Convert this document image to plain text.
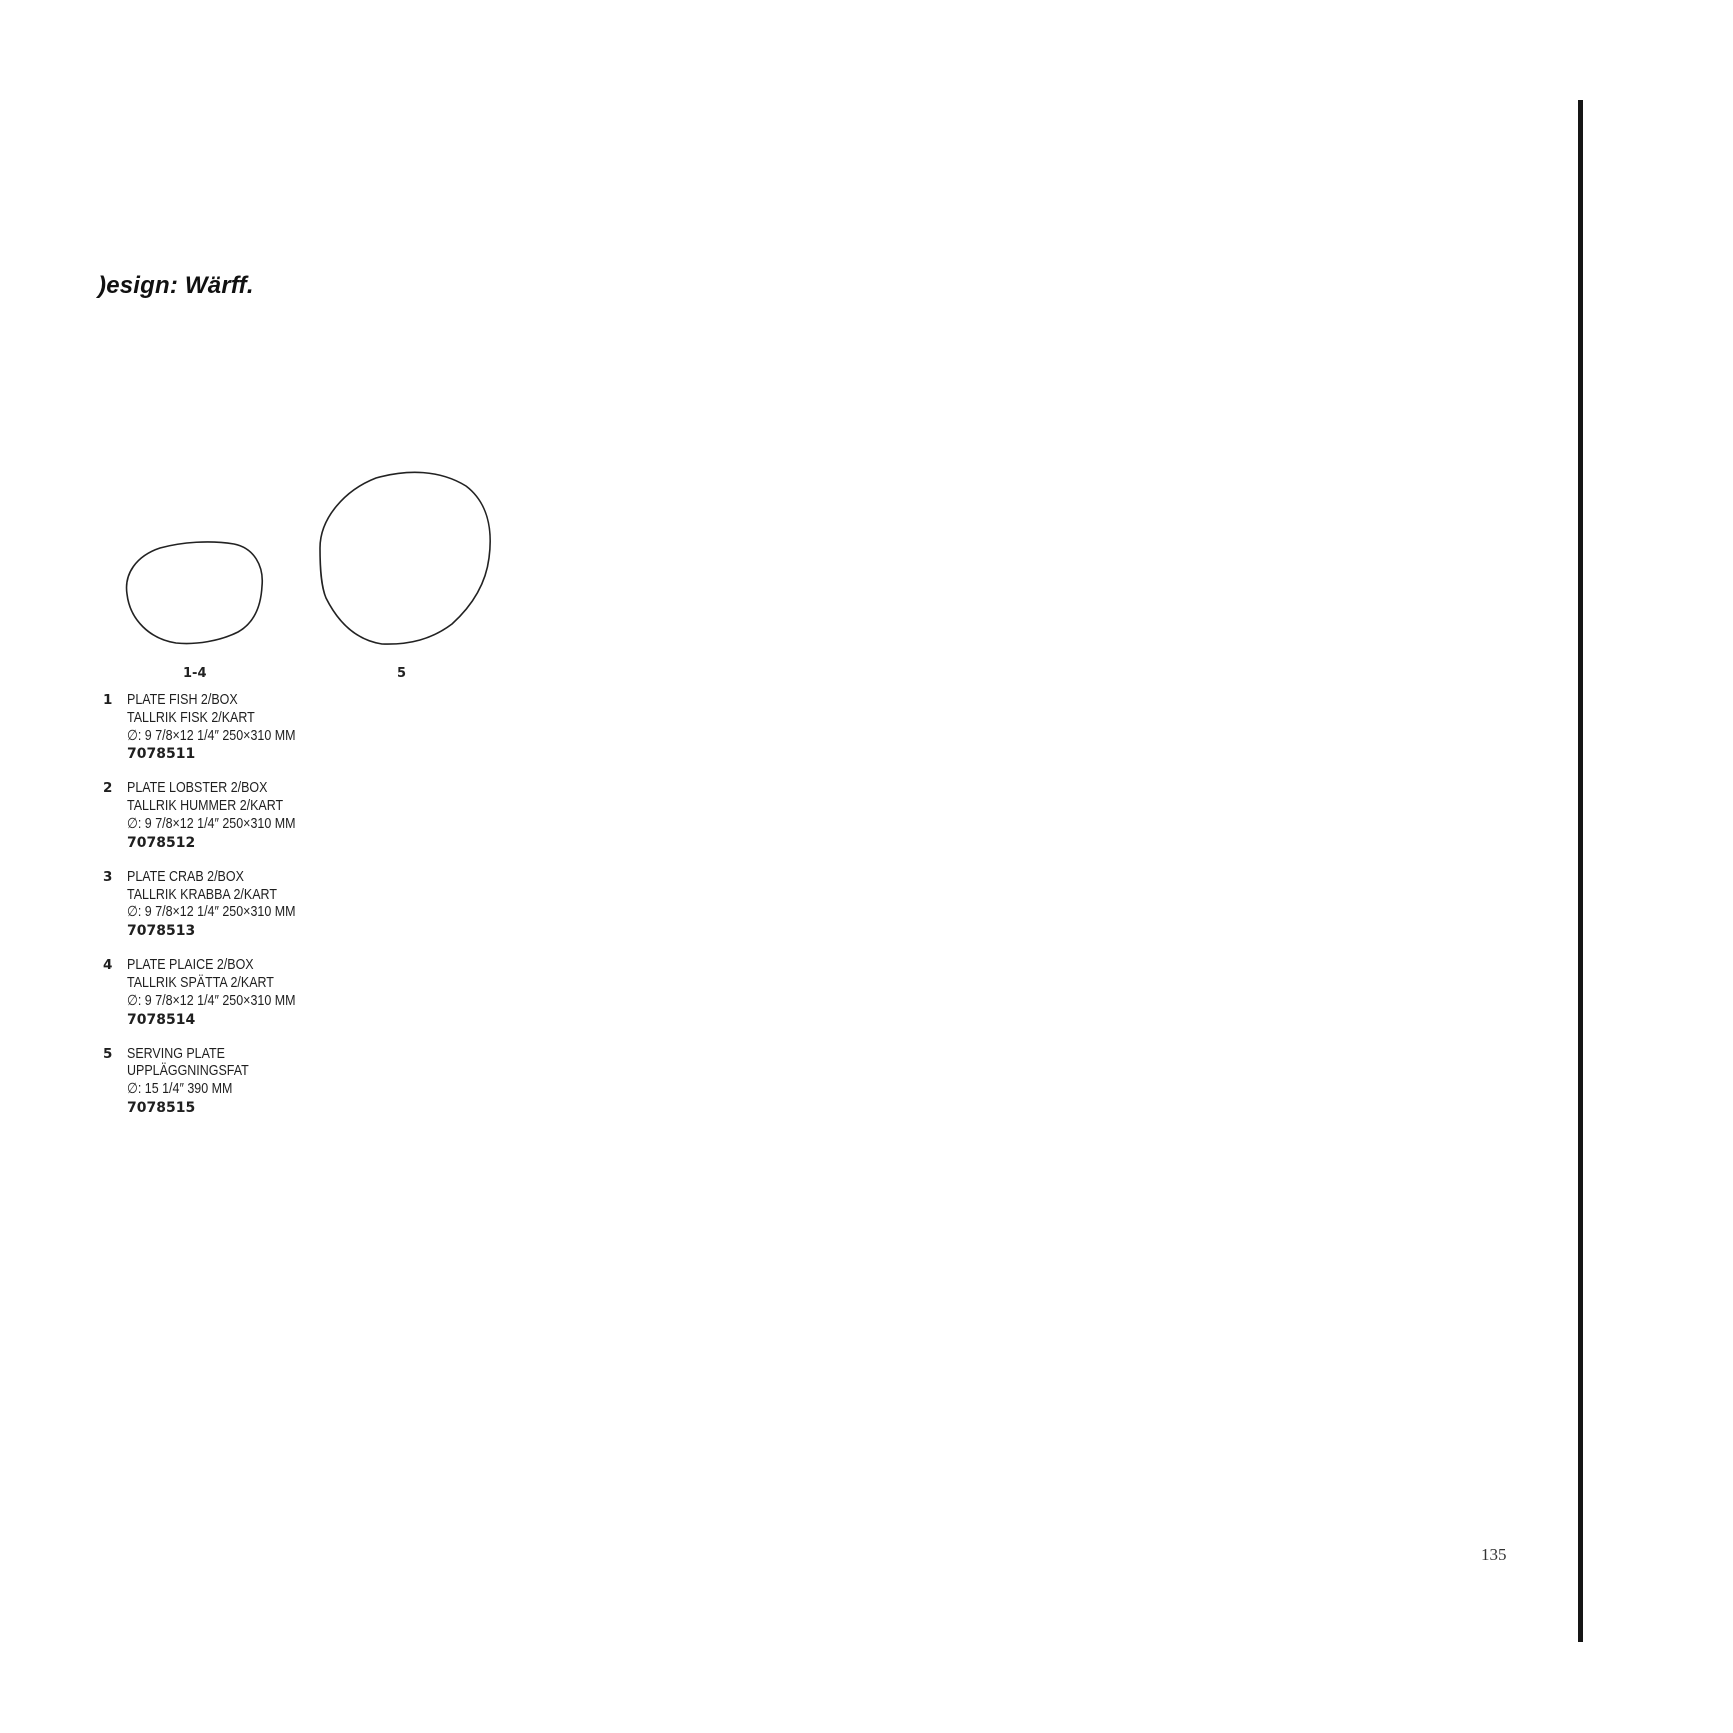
)esign: Wärff.
1-4	5
1 PLATE FISH 2/BOX
TALLRIK FISK 2/KART
∅: 9 7/8×12 1/4″ 250×310 MM
7078511
2 PLATE LOBSTER 2/BOX
TALLRIK HUMMER 2/KART
∅: 9 7/8×12 1/4″ 250×310 MM
7078512
3 PLATE CRAB 2/BOX
TALLRIK KRABBA 2/KART
∅: 9 7/8×12 1/4″ 250×310 MM
7078513
4 PLATE PLAICE 2/BOX
TALLRIK SPÄTTA 2/KART
∅: 9 7/8×12 1/4″ 250×310 MM
7078514
5 SERVING PLATE
UPPLÄGGNINGSFAT
∅: 15 1/4″ 390 MM
7078515
135
